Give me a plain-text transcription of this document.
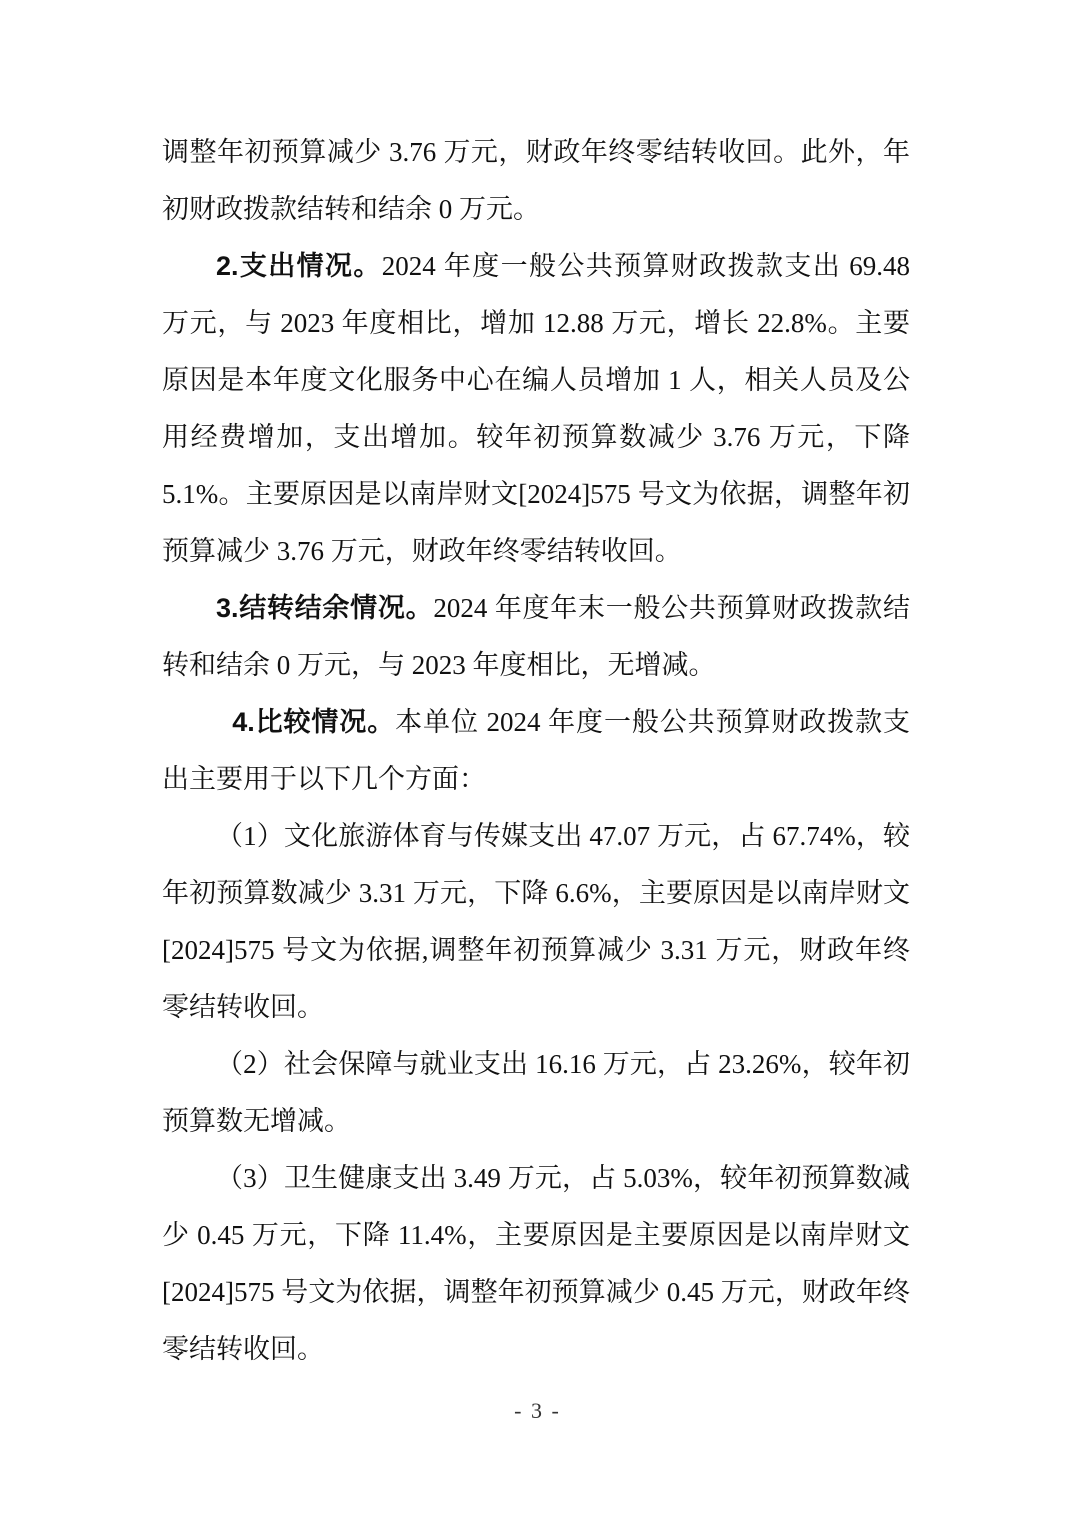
调整年初预算减少 3.76 万元，财政年终零结转收回。此外，年初财政拨款结转和结余 0 万元。

2.支出情况。2024 年度一般公共预算财政拨款支出 69.48 万元，与 2023 年度相比，增加 12.88 万元，增长 22.8%。主要原因是本年度文化服务中心在编人员增加 1 人，相关人员及公用经费增加，支出增加。较年初预算数减少 3.76 万元，下降 5.1%。主要原因是以南岸财文[2024]575 号文为依据，调整年初预算减少 3.76 万元，财政年终零结转收回。

3.结转结余情况。2024 年度年末一般公共预算财政拨款结转和结余 0 万元，与 2023 年度相比，无增减。

4.比较情况。本单位 2024 年度一般公共预算财政拨款支出主要用于以下几个方面：

（1）文化旅游体育与传媒支出 47.07 万元，占 67.74%，较年初预算数减少 3.31 万元，下降 6.6%，主要原因是以南岸财文[2024]575 号文为依据,调整年初预算减少 3.31 万元，财政年终零结转收回。

（2）社会保障与就业支出 16.16 万元，占 23.26%，较年初预算数无增减。

（3）卫生健康支出 3.49 万元，占 5.03%，较年初预算数减少 0.45 万元，下降 11.4%，主要原因是主要原因是以南岸财文[2024]575 号文为依据，调整年初预算减少 0.45 万元，财政年终零结转收回。

- 3 -
